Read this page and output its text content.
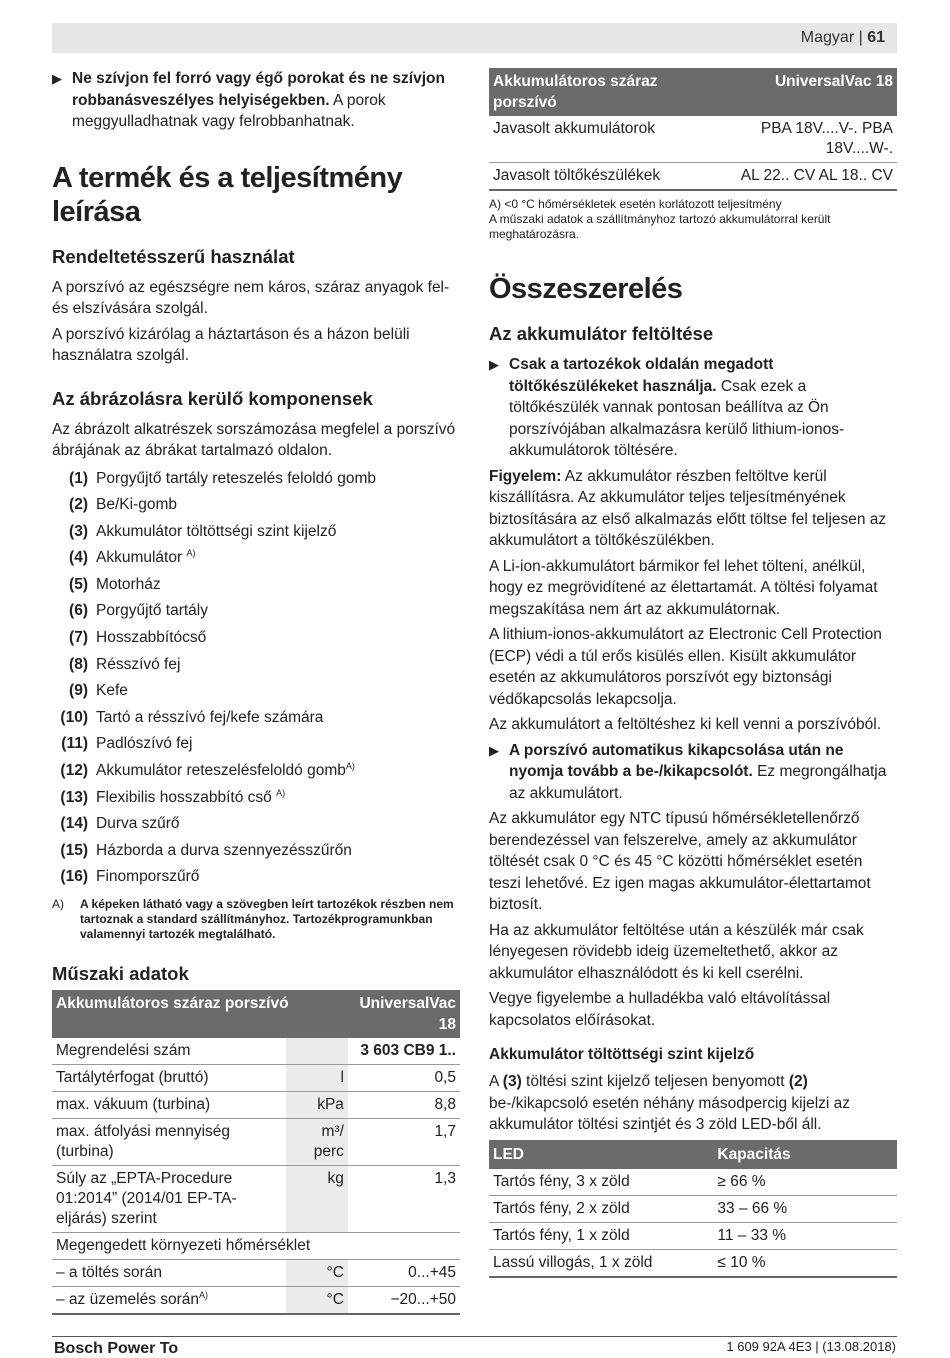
Magyar | 61

▶ Ne szívjon fel forró vagy égő porokat és ne szívjon robbanásveszélyes helyiségekben. A porok meggyulladhatnak vagy felrobbanhatnak.

A termék és a teljesítmény leírása
Rendeltetésszerű használat

A porszívó az egészségre nem káros, száraz anyagok fel- és elszívására szolgál.

A porszívó kizárólag a háztartáson és a házon belüli használatra szolgál.

Az ábrázolásra kerülő komponensek

Az ábrázolt alkatrészek sorszámozása megfelel a porszívó ábrájának az ábrákat tartalmazó oldalon.

(1) Porgyűjtő tartály reteszelés feloldó gomb
(2) Be/Ki-gomb
(3) Akkumulátor töltöttségi szint kijelző
(4) Akkumulátor $^{A)}$
(5) Motorház
(6) Porgyűjtő tartály
(7) Hosszabbítócső
(8) Résszívó fej
(9) Kefe
(10) Tartó a résszívó fej/kefe számára
(11) Padlószívó fej
(12) Akkumulátor reteszelésfeloldó gomb$^{A)}$
(13) Flexibilis hosszabbító cső $^{A)}$
(14) Durva szűrő
(15) Házborda a durva szennyezésszűrőn
(16) Finomporszűrő
A)	A képeken látható vagy a szövegben leírt tartozékok részben nem tartoznak a standard szállítmányhoz. Tartozékprogramunkban valamennyi tartozék megtalálható.
Műszaki adatok
Akkumulátoros száraz porszívó		UniversalVac 18
Megrendelési szám		3 603 CB9 1..
Tartálytérfogat (bruttó)	l	0,5
max. vákuum (turbina)	kPa	8,8
max. átfolyási mennyiség (turbina)	m³/ perc	1,7
Súly az „EPTA-Procedure 01:2014” (2014/01 EP-TA-eljárás) szerint	kg	1,3
Megengedett környezeti hőmérséklet		
– a töltés során	°C	0...+45
– az üzemelés során$^{A)}$	°C	−20...+50
Akkumulátoros száraz porszívó	UniversalVac 18
Javasolt akkumulátorok	PBA 18V....V-. PBA 18V....W-.
Javasolt töltőkészülékek	AL 22.. CV AL 18.. CV

A) <0 °C hőmérsékletek esetén korlátozott teljesítmény

A műszaki adatok a szállítmányhoz tartozó akkumulátorral került meghatározásra.

Összeszerelés
Az akkumulátor feltöltése

▶ Csak a tartozékok oldalán megadott töltőkészülékeket használja. Csak ezek a töltőkészülék vannak pontosan beállítva az Ön porszívójában alkalmazásra kerülő lithium-ionos-akkumulátorok töltésére.

Figyelem: Az akkumulátor részben feltöltve kerül kiszállításra. Az akkumulátor teljes teljesítményének biztosítására az első alkalmazás előtt töltse fel teljesen az akkumulátort a töltőkészülékben.

A Li-ion-akkumulátort bármikor fel lehet tölteni, anélkül, hogy ez megrövidítené az élettartamát. A töltési folyamat megszakítása nem árt az akkumulátornak.

A lithium-ionos-akkumulátort az Electronic Cell Protection (ECP) védi a túl erős kisülés ellen. Kisült akkumulátor esetén az akkumulátoros porszívót egy biztonsági védőkapcsolás lekapcsolja.

Az akkumulátort a feltöltéshez ki kell venni a porszívóból.

▶ A porszívó automatikus kikapcsolása után ne nyomja tovább a be-/kikapcsolót. Ez megrongálhatja az akkumulátort.

Az akkumulátor egy NTC típusú hőmérsékletellenőrző berendezéssel van felszerelve, amely az akkumulátor töltését csak 0 °C és 45 °C közötti hőmérséklet esetén teszi lehetővé. Ez igen magas akkumulátor-élettartamot biztosít.

Ha az akkumulátor feltöltése után a készülék már csak lényegesen rövidebb ideig üzemeltethető, akkor az akkumulátor elhasználódott és ki kell cserélni.

Vegye figyelembe a hulladékba való eltávolítással kapcsolatos előírásokat.

Akkumulátor töltöttségi szint kijelző

A (3) töltési szint kijelző teljesen benyomott (2) be-/kikapcsoló esetén néhány másodpercig kijelzi az akkumulátor töltési szintjét és 3 zöld LED-ből áll.

LED	Kapacitás
Tartós fény, 3 x zöld	≥ 66 %
Tartós fény, 2 x zöld	33 – 66 %
Tartós fény, 1 x zöld	11 – 33 %
Lassú villogás, 1 x zöld	≤ 10 %
Bosch Power To	1 609 92A 4E3 | (13.08.2018)
